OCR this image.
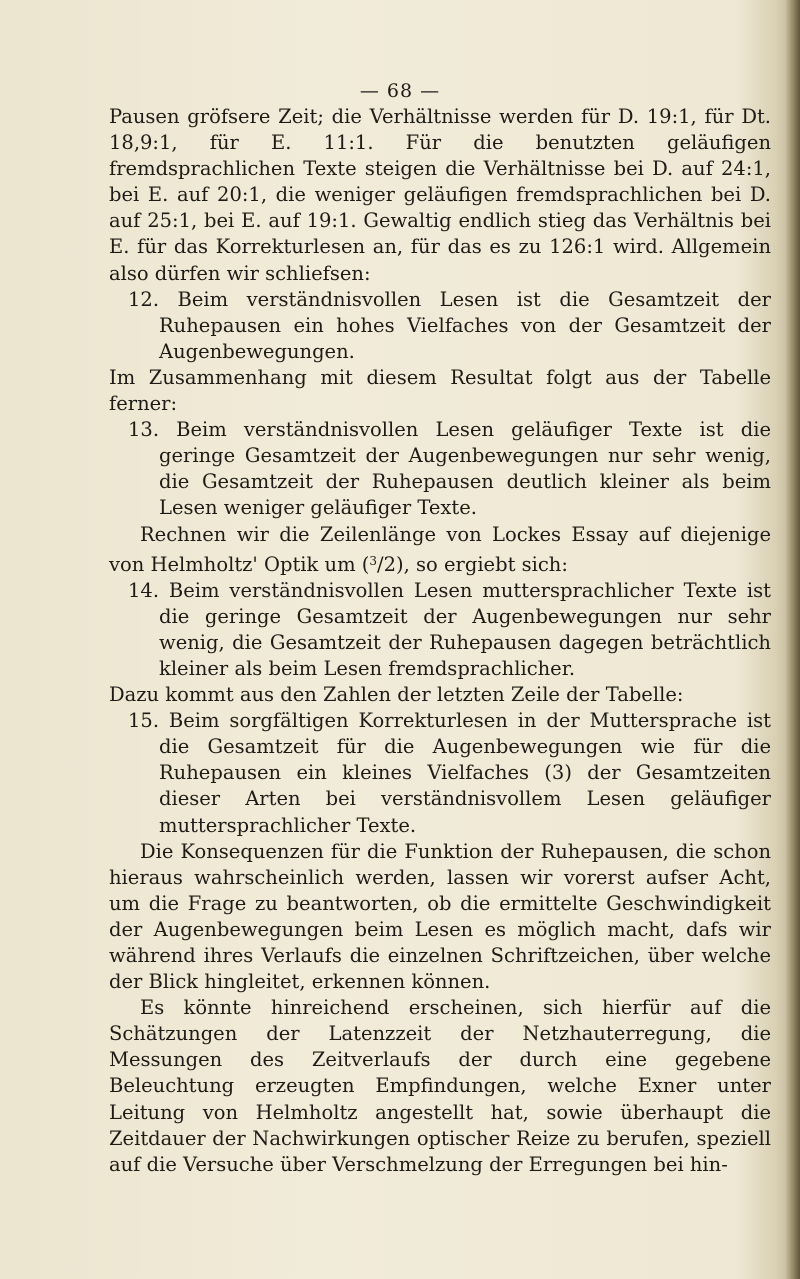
— 68 —

Pausen gröfsere Zeit; die Verhältnisse werden für D. 19:1, für Dt. 18,9:1, für E. 11:1. Für die benutzten geläufigen fremdsprachlichen Texte steigen die Verhältnisse bei D. auf 24:1, bei E. auf 20:1, die weniger geläufigen fremdsprachlichen bei D. auf 25:1, bei E. auf 19:1. Gewaltig endlich stieg das Verhältnis bei E. für das Korrekturlesen an, für das es zu 126:1 wird. Allgemein also dürfen wir schliefsen:

12. Beim verständnisvollen Lesen ist die Gesamtzeit der Ruhepausen ein hohes Vielfaches von der Gesamtzeit der Augenbewegungen.

Im Zusammenhang mit diesem Resultat folgt aus der Tabelle ferner:

13. Beim verständnisvollen Lesen geläufiger Texte ist die geringe Gesamtzeit der Augenbewegungen nur sehr wenig, die Gesamtzeit der Ruhepausen deutlich kleiner als beim Lesen weniger geläufiger Texte.

Rechnen wir die Zeilenlänge von Lockes Essay auf diejenige von Helmholtz' Optik um ($^3$/2), so ergiebt sich:

14. Beim verständnisvollen Lesen muttersprachlicher Texte ist die geringe Gesamtzeit der Augenbewegungen nur sehr wenig, die Gesamtzeit der Ruhepausen dagegen beträchtlich kleiner als beim Lesen fremdsprachlicher.

Dazu kommt aus den Zahlen der letzten Zeile der Tabelle:

15. Beim sorgfältigen Korrekturlesen in der Muttersprache ist die Gesamtzeit für die Augenbewegungen wie für die Ruhepausen ein kleines Vielfaches (3) der Gesamtzeiten dieser Arten bei verständnisvollem Lesen geläufiger muttersprachlicher Texte.

Die Konsequenzen für die Funktion der Ruhepausen, die schon hieraus wahrscheinlich werden, lassen wir vorerst aufser Acht, um die Frage zu beantworten, ob die ermittelte Geschwindigkeit der Augenbewegungen beim Lesen es möglich macht, dafs wir während ihres Verlaufs die einzelnen Schriftzeichen, über welche der Blick hingleitet, erkennen können.

Es könnte hinreichend erscheinen, sich hierfür auf die Schätzungen der Latenzzeit der Netzhauterregung, die Messungen des Zeitverlaufs der durch eine gegebene Beleuchtung erzeugten Empfindungen, welche Exner unter Leitung von Helmholtz angestellt hat, sowie überhaupt die Zeitdauer der Nachwirkungen optischer Reize zu berufen, speziell auf die Versuche über Verschmelzung der Erregungen bei hin-
